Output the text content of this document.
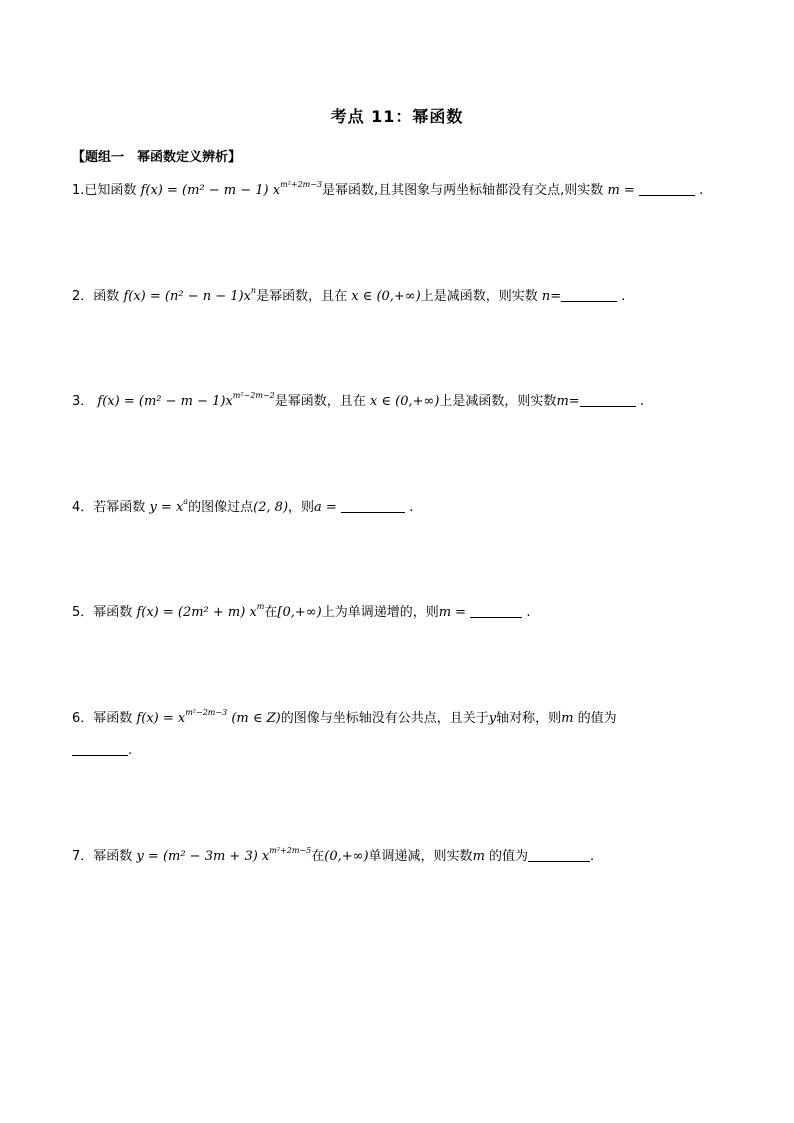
考点 11：幂函数
【题组一　幂函数定义辨析】
1.已知函数 f(x) = (m² − m − 1) $x^{m^2+2m-3}$是幂函数,且其图象与两坐标轴都没有交点,则实数 m =	.
2．函数 $f(x) = (n^2 - n - 1)x^n$是幂函数，且在 x ∈ (0,+∞)上是减函数，则实数 n=	.
3． $f(x) = (m^2 - m - 1)x^{m^2-2m-2}$是幂函数，且在 x ∈ (0,+∞)上是减函数，则实数m=	.
4．若幂函数 $y = x^a$的图像过点(2, 8)，则a =	.
5．幂函数 f(x) = (2m² + m) $x^m$在[0,+∞)上为单调递增的，则m =	.
6．幂函数 $f(x) = x^{m^2-2m-3}$ (m ∈ Z)的图像与坐标轴没有公共点，且关于y轴对称，则m 的值为
.
7．幂函数 y = (m² − 3m + 3) $x^{m^2+2m-5}$在(0,+∞)单调递减，则实数m 的值为	.
